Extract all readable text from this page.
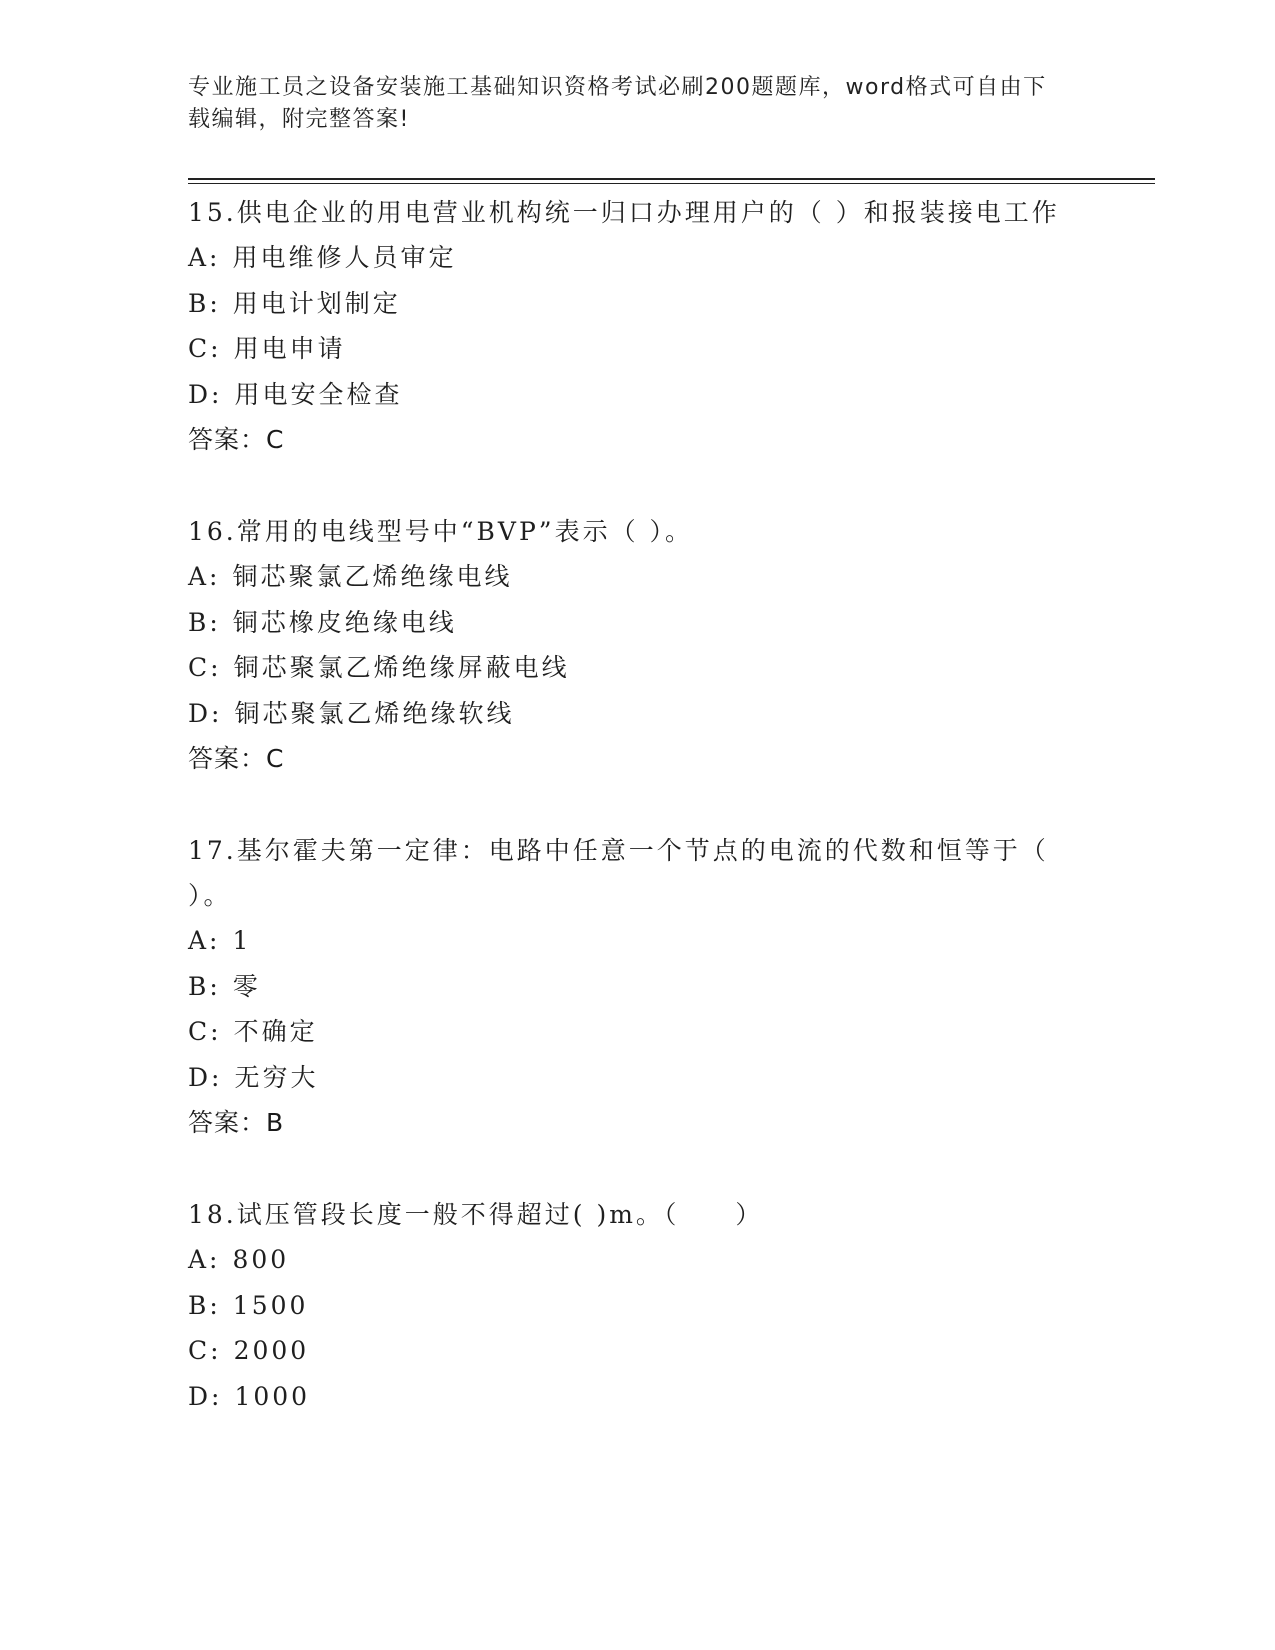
专业施工员之设备安装施工基础知识资格考试必刷200题题库，word格式可自由下载编辑，附完整答案!
15.供电企业的用电营业机构统一归口办理用户的（ ）和报装接电工作
A: 用电维修人员审定
B: 用电计划制定
C: 用电申请
D: 用电安全检查
答案：C
16.常用的电线型号中“BVP”表示（ ）。
A: 铜芯聚氯乙烯绝缘电线
B: 铜芯橡皮绝缘电线
C: 铜芯聚氯乙烯绝缘屏蔽电线
D: 铜芯聚氯乙烯绝缘软线
答案：C
17.基尔霍夫第一定律：电路中任意一个节点的电流的代数和恒等于（ ）。
A: 1
B: 零
C: 不确定
D: 无穷大
答案：B
18.试压管段长度一般不得超过( )m。（　　）
A: 800
B: 1500
C: 2000
D: 1000
